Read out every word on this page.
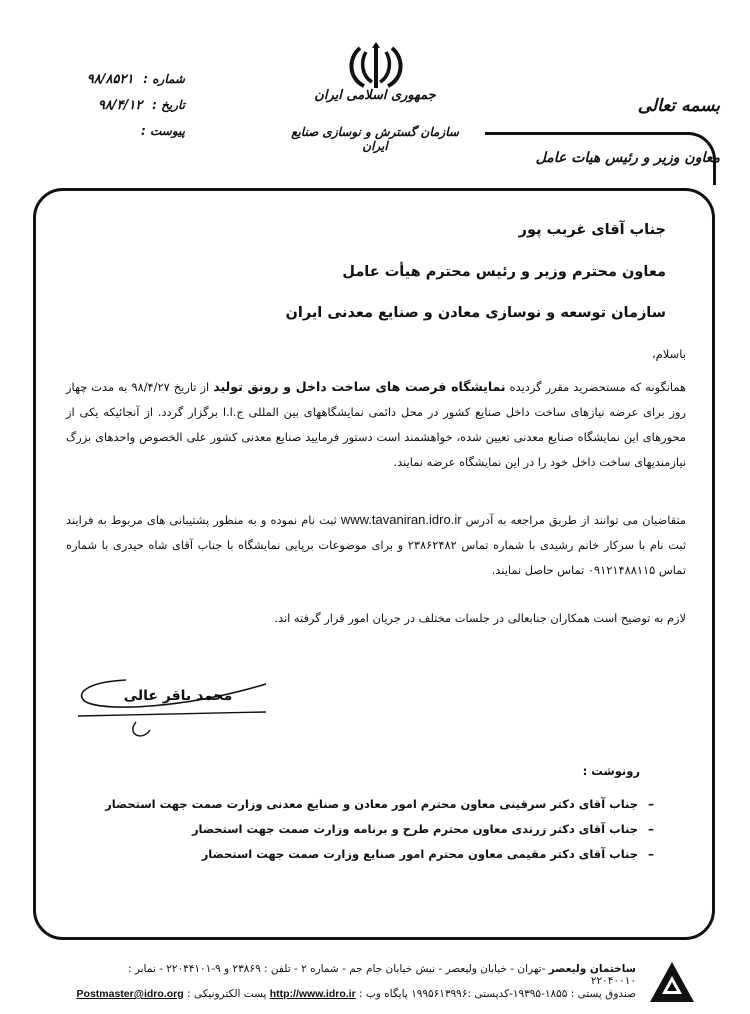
جمهوری اسلامی ایران
سازمان گسترش و نوسازی صنایع ایران
بسمه تعالی
معاون وزیر و رئیس هیات عامل
شماره : ۹۸/۸۵۲۱
تاریخ : ۹۸/۴/۱۲
پیوست :
جناب آقای غریب پور
معاون محترم وزیر و رئیس محترم هیأت عامل
سازمان توسعه و نوسازی معادن و صنایع معدنی ایران
باسلام،
همانگونه که مستحضرید مقرر گردیده نمایشگاه فرصت های ساخت داخل و رونق تولید از تاریخ ۹۸/۴/۲۷ به مدت چهار روز برای عرضه نیازهای ساخت داخل صنایع کشور در محل دائمی نمایشگاههای بین المللی ج.ا.ا برگزار گردد. از آنجائیکه یکی از محورهای این نمایشگاه صنایع معدنی تعیین شده، خواهشمند است دستور فرمایید صنایع معدنی کشور علی الخصوص واحدهای بزرگ نیازمندیهای ساخت داخل خود را در این نمایشگاه عرضه نمایند.
متقاضیان می توانند از طریق مراجعه به آدرس www.tavaniran.idro.ir ثبت نام نموده و به منظور پشتیبانی های مربوط به فرایند ثبت نام با سرکار خانم رشیدی با شماره تماس ۲۳۸۶۲۴۸۲ و برای موضوعات برپایی نمایشگاه با جناب آقای شاه حیدری با شماره تماس ۰۹۱۲۱۴۸۸۱۱۵ تماس حاصل نمایند.
لازم به توضیح است همکاران جنابعالی در جلسات مختلف در جریان امور قرار گرفته اند.
محمد باقر عالی
رونوشت :
–
جناب آقای دکتر سرقینی معاون محترم امور معادن و صنایع معدنی وزارت صمت جهت استحضار
–
جناب آقای دکتر زرندی معاون محترم طرح و برنامه وزارت صمت جهت استحضار
–
جناب آقای دکتر مقیمی معاون محترم امور صنایع وزارت صمت جهت استحضار
ساختمان ولیعصر -تهران - خیابان ولیعصر - نبش خیابان جام جم - شماره ۲ - تلفن : ۲۳۸۶۹ و ۹-۲۲۰۴۴۱۰۱ - نمابر : ۲۲۰۴۰۰۱۰
صندوق پستی : ۱۸۵۵-۱۹۳۹۵-کدپستی :۱۹۹۵۶۱۳۹۹۶ پایگاه وب : http://www.idro.ir پست الکترونیکی : Postmaster@idro.org
